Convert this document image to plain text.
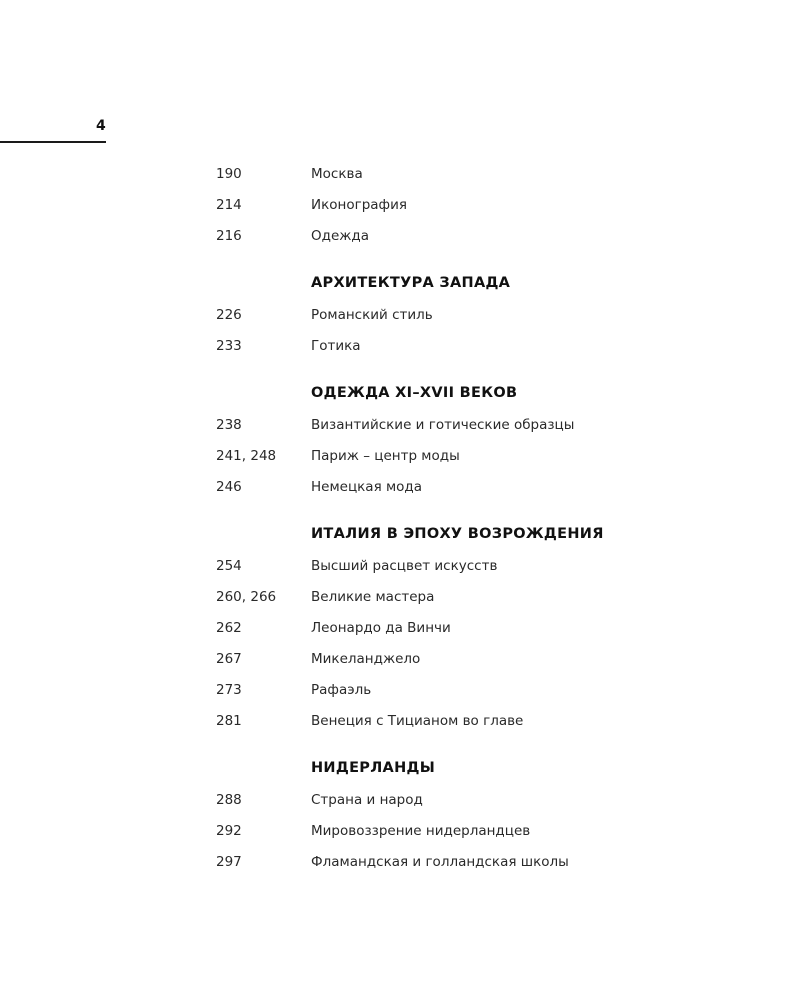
4
190	Москва
214	Иконография
216	Одежда
АРХИТЕКТУРА ЗАПАДА
226	Романский стиль
233	Готика
ОДЕЖДА XI–XVII ВЕКОВ
238	Византийские и готические образцы
241, 248	Париж – центр моды
246	Немецкая мода
ИТАЛИЯ В ЭПОХУ ВОЗРОЖДЕНИЯ
254	Высший расцвет искусств
260, 266	Великие мастера
262	Леонардо да Винчи
267	Микеланджело
273	Рафаэль
281	Венеция с Тицианом во главе
НИДЕРЛАНДЫ
288	Страна и народ
292	Мировоззрение нидерландцев
297	Фламандская и голландская школы
